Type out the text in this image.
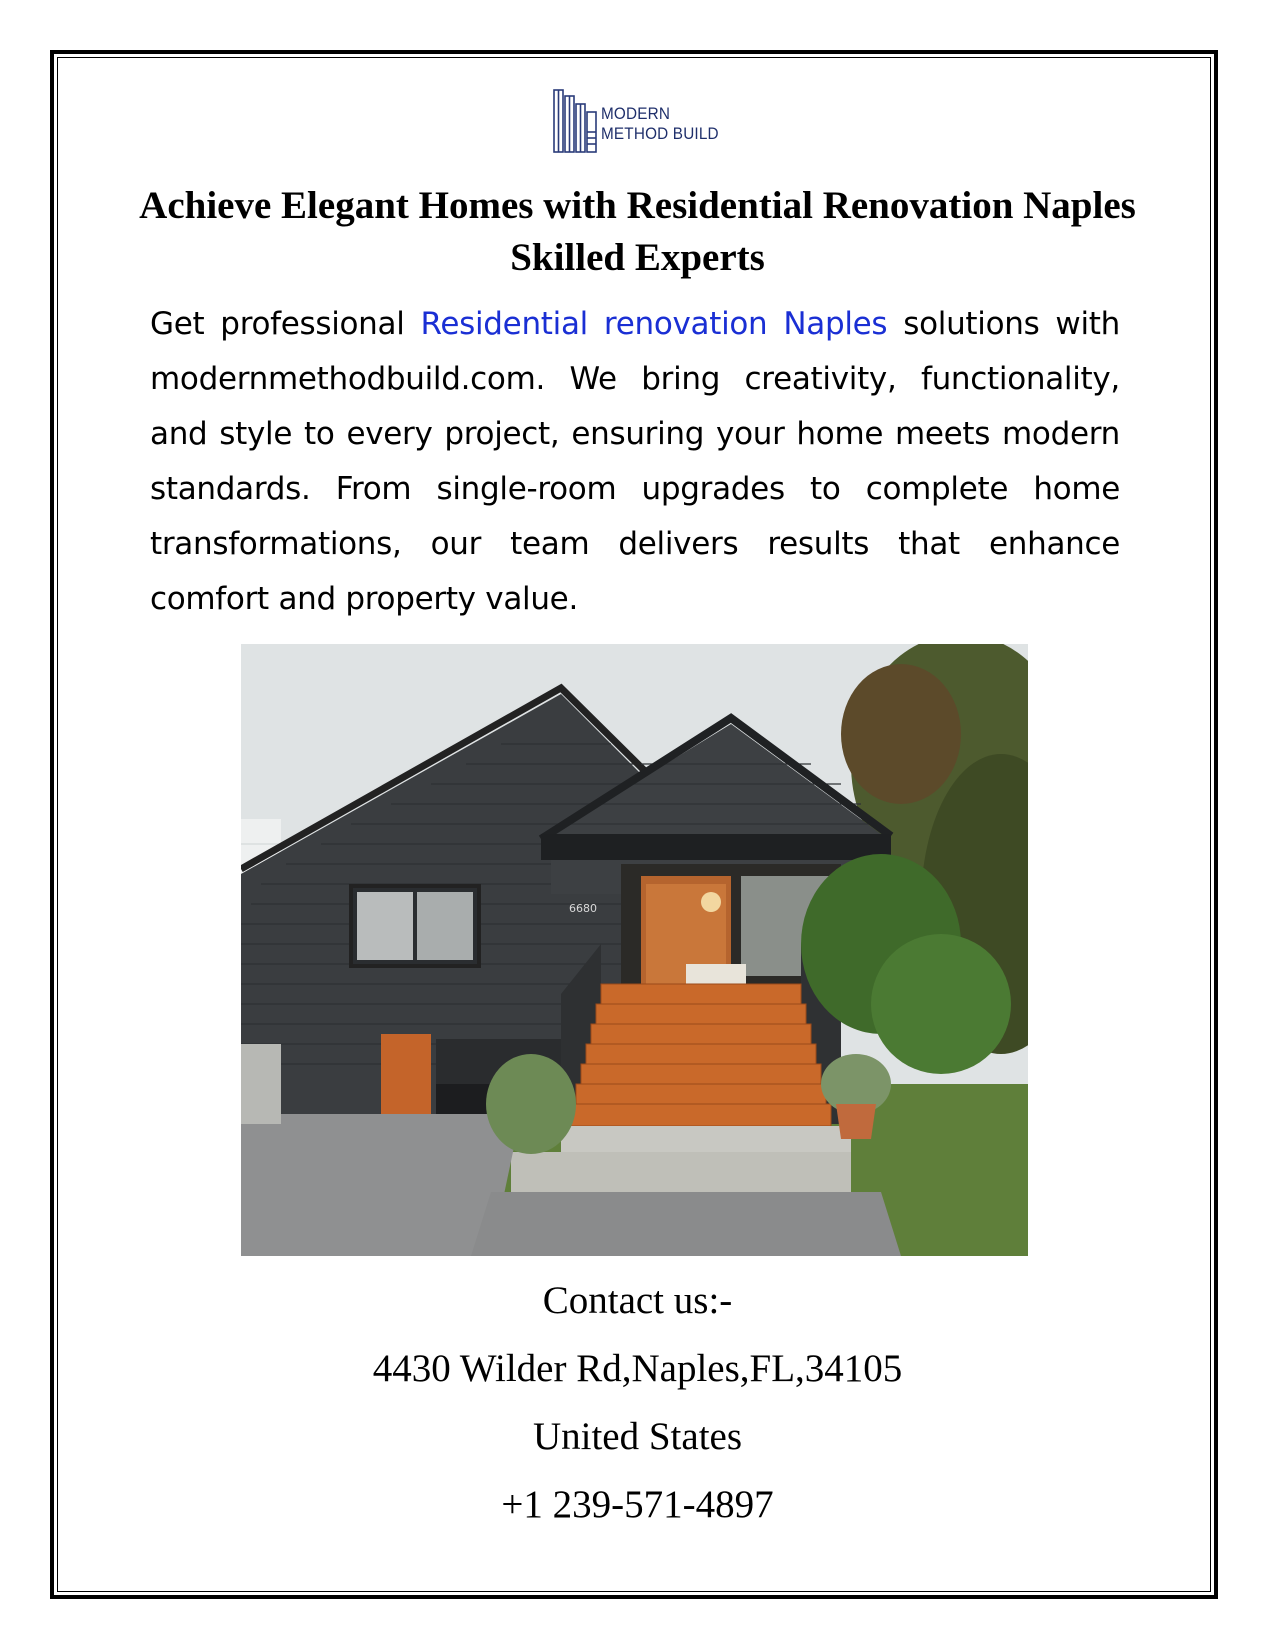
MODERN
METHOD BUILD
Achieve Elegant Homes with Residential Renovation Naples Skilled Experts
Get professional Residential renovation Naples solutions with modernmethodbuild.com. We bring creativity, functionality, and style to every project, ensuring your home meets modern standards. From single-room upgrades to complete home transformations, our team delivers results that enhance comfort and property value.
6680
Contact us:-
4430 Wilder Rd,Naples,FL,34105
United States
+1 239-571-4897
